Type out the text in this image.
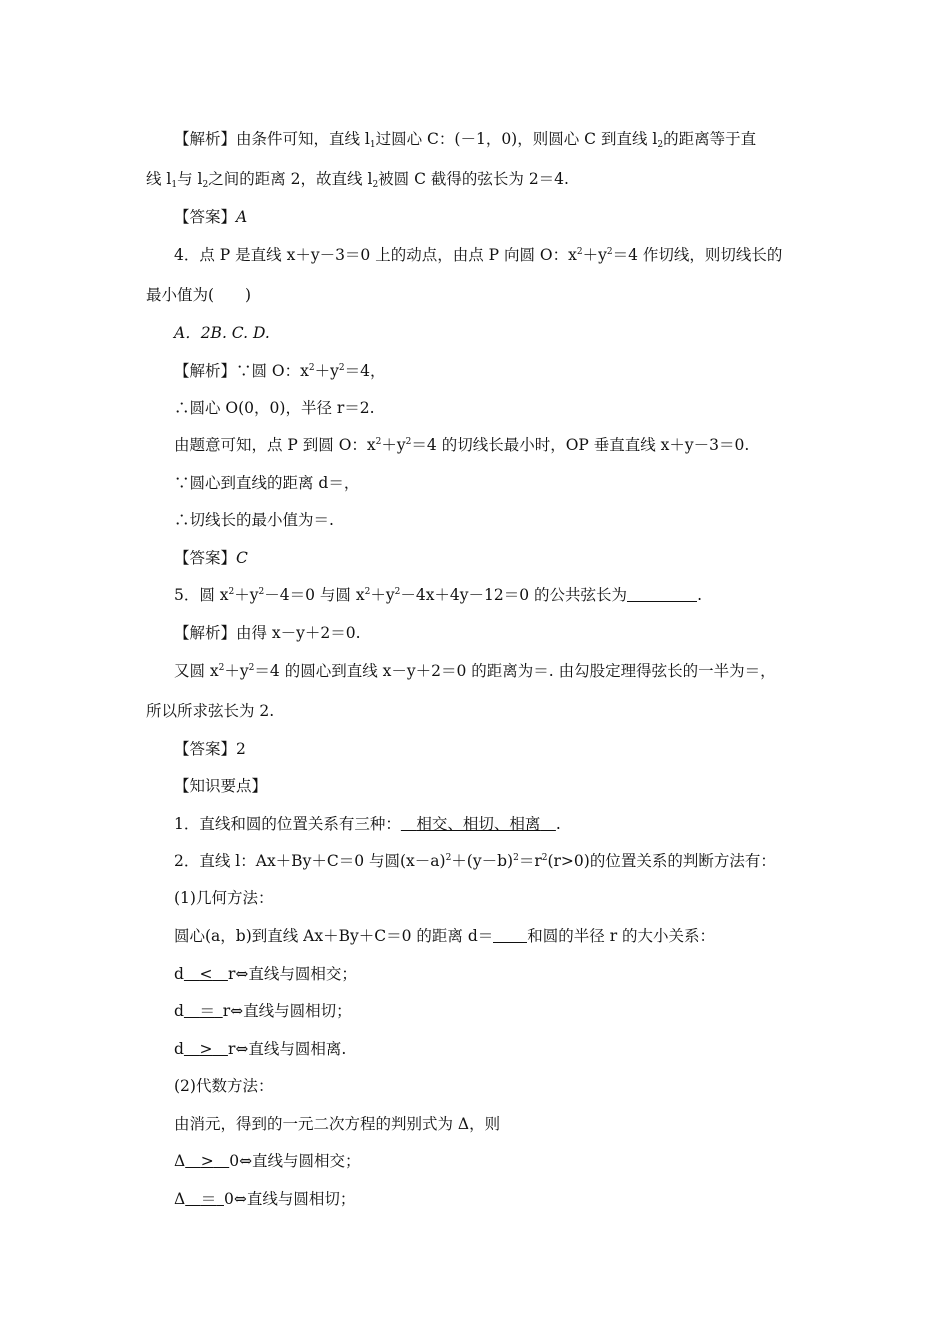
【解析】由条件可知，直线 $l_1$过圆心 C：(－1，0)，则圆心 C 到直线 $l_2$的距离等于直
线 $l_1$与 $l_2$之间的距离 2，故直线 $l_2$被圆 C 截得的弦长为 2＝4.
【答案】A
4．点 P 是直线 x＋y－3＝0 上的动点，由点 P 向圆 O：$x^2+y^2=4$ 作切线，则切线长的
最小值为(　　)
A．2B. C. D.
【解析】∵圆 O：$x^2+y^2=4$，
∴圆心 O(0，0)，半径 r＝2.
由题意可知，点 P 到圆 O：$x^2+y^2=4$ 的切线长最小时，OP 垂直直线 x＋y－3＝0.
∵圆心到直线的距离 d＝，
∴切线长的最小值为＝.
【答案】C
5．圆 $x^2+y^2-4=0$ 与圆 $x^2+y^2-4x+4y-12=0$ 的公共弦长为	.
【解析】由得 x－y＋2＝0.
又圆 $x^2+y^2=4$ 的圆心到直线 x－y＋2＝0 的距离为＝. 由勾股定理得弦长的一半为＝，
所以所求弦长为 2.
【答案】2
【知识要点】
1．直线和圆的位置关系有三种：   相交、相切、相离   .
2．直线 l：Ax＋By＋C＝0 与圆$(x-a)^2+(y-b)^2=r^2(r>0)$的位置关系的判断方法有：
(1)几何方法：
圆心(a，b)到直线 Ax＋By＋C＝0 的距离 d＝ 和圆的半径 r 的大小关系：
d   <   r⇔直线与圆相交；
d   ＝  r⇔直线与圆相切；
d   >   r⇔直线与圆相离.
(2)代数方法：
由消元，得到的一元二次方程的判别式为 Δ，则
Δ   >   0⇔直线与圆相交；
Δ   ＝  0⇔直线与圆相切；
